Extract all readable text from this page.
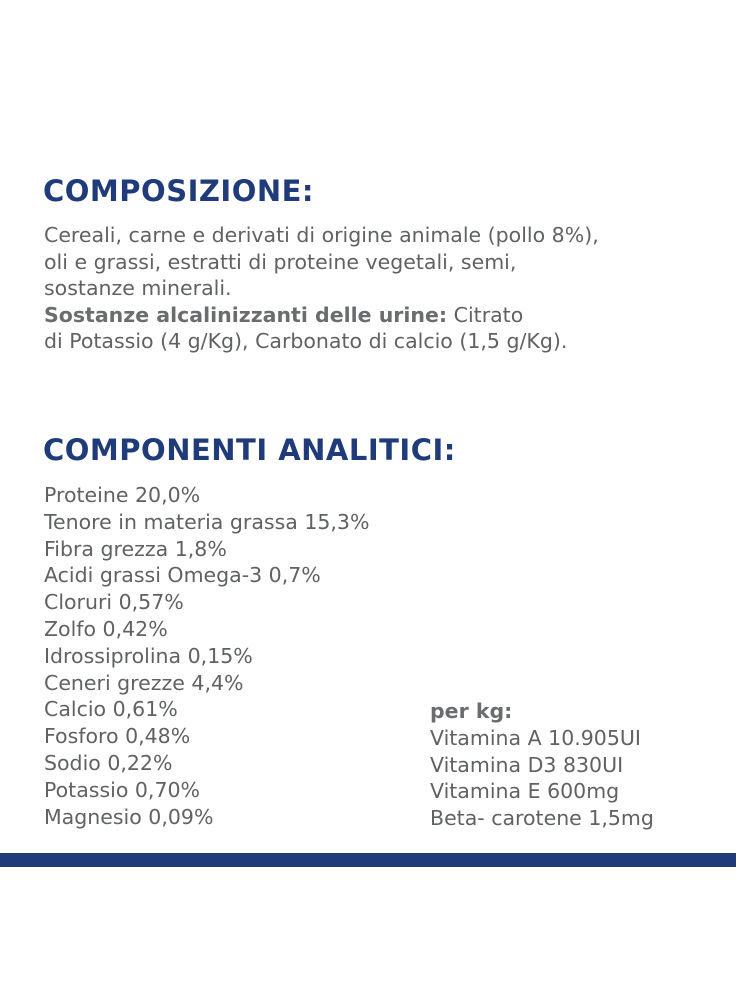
COMPOSIZIONE:
Cereali, carne e derivati di origine animale (pollo 8%),
oli e grassi, estratti di proteine vegetali, semi,
sostanze minerali.
Sostanze alcalinizzanti delle urine: Citrato
di Potassio (4 g/Kg), Carbonato di calcio (1,5 g/Kg).
COMPONENTI ANALITICI:
Proteine 20,0%
Tenore in materia grassa 15,3%
Fibra grezza 1,8%
Acidi grassi Omega-3 0,7%
Cloruri 0,57%
Zolfo 0,42%
Idrossiprolina 0,15%
Ceneri grezze 4,4%
Calcio 0,61%
Fosforo 0,48%
Sodio 0,22%
Potassio 0,70%
Magnesio 0,09%
per kg:
Vitamina A 10.905UI
Vitamina D3 830UI
Vitamina E 600mg
Beta- carotene 1,5mg
